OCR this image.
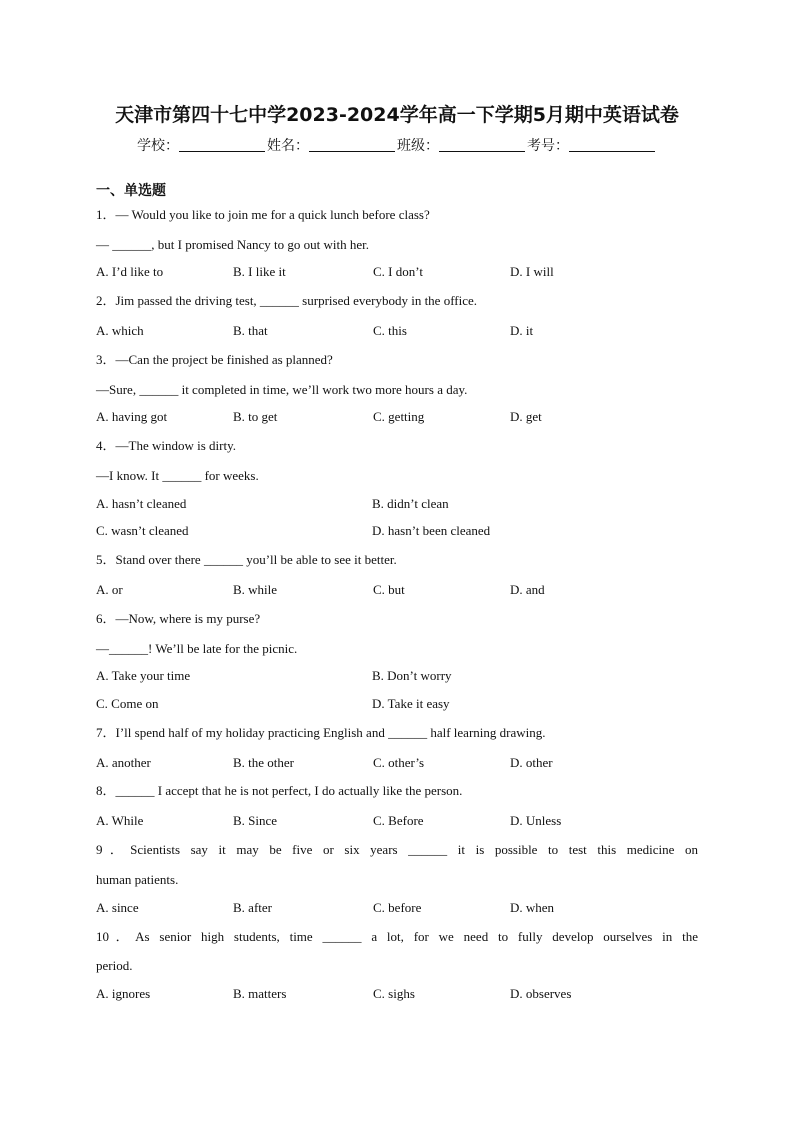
天津市第四十七中学2023-2024学年高一下学期5月期中英语试卷
学校：	姓名：	班级：	考号：
一、单选题
1．— Would you like to join me for a quick lunch before class?
— ______, but I promised Nancy to go out with her.
A. I’d like to	B. I like it	C. I don’t	D. I will
2．Jim passed the driving test, ______ surprised everybody in the office.
A. which	B. that	C. this	D. it
3．—Can the project be finished as planned?
—Sure, ______ it completed in time, we’ll work two more hours a day.
A. having got	B. to get	C. getting	D. get
4．—The window is dirty.
—I know. It ______ for weeks.
A. hasn’t cleaned	B. didn’t clean
C. wasn’t cleaned	D. hasn’t been cleaned
5．Stand over there ______ you’ll be able to see it better.
A. or	B. while	C. but	D. and
6．—Now, where is my purse?
—______! We’ll be late for the picnic.
A. Take your time	B. Don’t worry
C. Come on	D. Take it easy
7．I’ll spend half of my holiday practicing English and ______ half learning drawing.
A. another	B. the other	C. other’s	D. other
8．______ I accept that he is not perfect, I do actually like the person.
A. While	B. Since	C. Before	D. Unless
9．Scientists say it may be five or six years ______ it is possible to test this medicine on
human patients.
A. since	B. after	C. before	D. when
10．As senior high students, time ______ a lot, for we need to fully develop ourselves in the
period.
A. ignores	B. matters	C. sighs	D. observes
